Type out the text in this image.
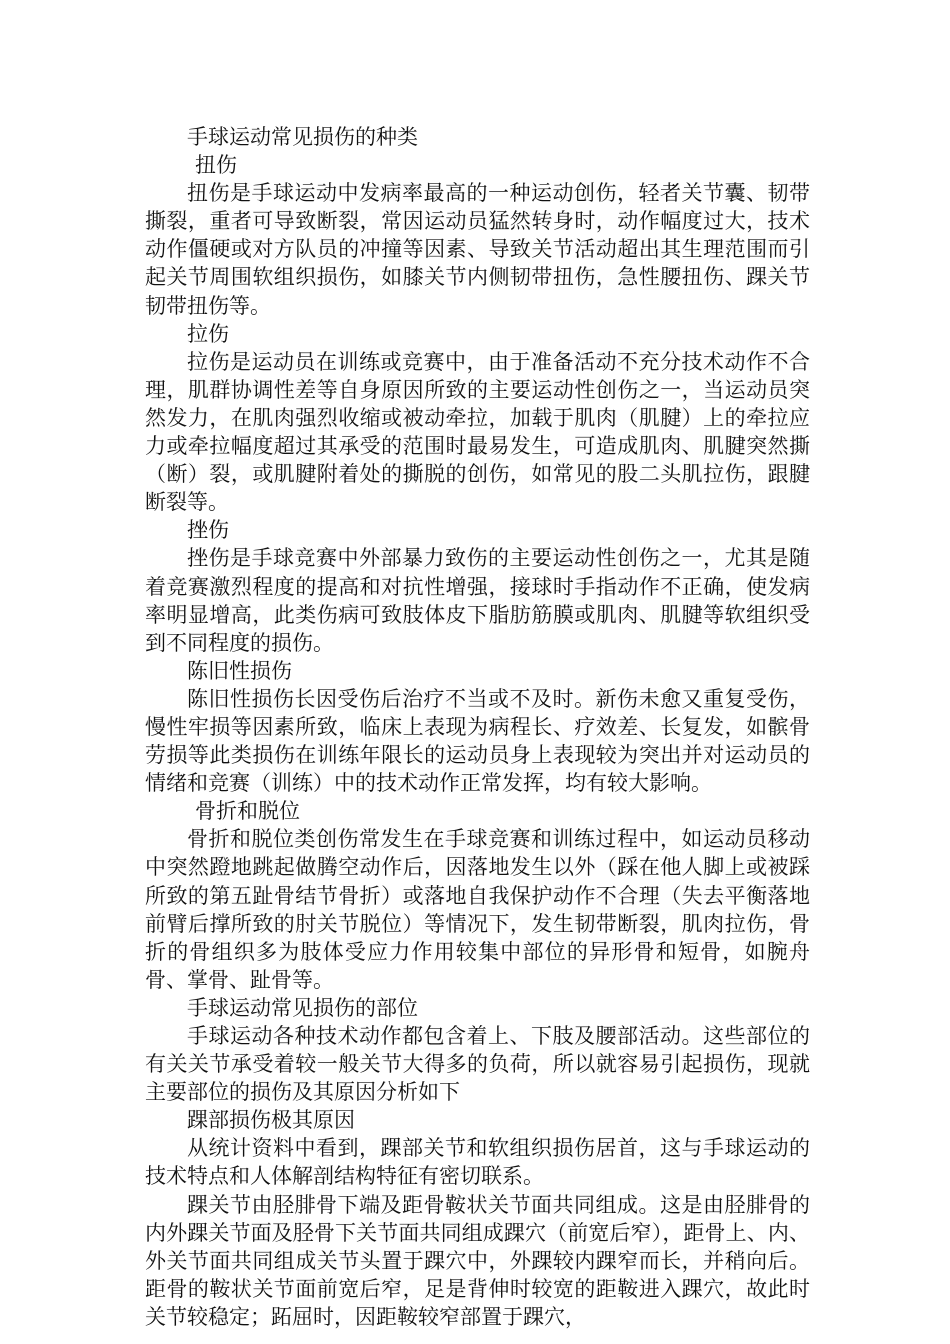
手球运动常见损伤的种类

扭伤

扭伤是手球运动中发病率最高的一种运动创伤，轻者关节囊、韧带撕裂，重者可导致断裂，常因运动员猛然转身时，动作幅度过大，技术动作僵硬或对方队员的冲撞等因素、导致关节活动超出其生理范围而引起关节周围软组织损伤，如膝关节内侧韧带扭伤，急性腰扭伤、踝关节韧带扭伤等。

拉伤

拉伤是运动员在训练或竞赛中，由于准备活动不充分技术动作不合理，肌群协调性差等自身原因所致的主要运动性创伤之一，当运动员突然发力，在肌肉强烈收缩或被动牵拉，加载于肌肉（肌腱）上的牵拉应力或牵拉幅度超过其承受的范围时最易发生，可造成肌肉、肌腱突然撕（断）裂，或肌腱附着处的撕脱的创伤，如常见的股二头肌拉伤，跟腱断裂等。

挫伤

挫伤是手球竞赛中外部暴力致伤的主要运动性创伤之一，尤其是随着竞赛激烈程度的提高和对抗性增强，接球时手指动作不正确，使发病率明显增高，此类伤病可致肢体皮下脂肪筋膜或肌肉、肌腱等软组织受到不同程度的损伤。

陈旧性损伤

陈旧性损伤长因受伤后治疗不当或不及时。新伤未愈又重复受伤，慢性牢损等因素所致，临床上表现为病程长、疗效差、长复发，如髌骨劳损等此类损伤在训练年限长的运动员身上表现较为突出并对运动员的情绪和竞赛（训练）中的技术动作正常发挥，均有较大影响。

骨折和脱位

骨折和脱位类创伤常发生在手球竞赛和训练过程中，如运动员移动中突然蹬地跳起做腾空动作后，因落地发生以外（踩在他人脚上或被踩所致的第五趾骨结节骨折）或落地自我保护动作不合理（失去平衡落地前臂后撑所致的肘关节脱位）等情况下，发生韧带断裂，肌肉拉伤，骨折的骨组织多为肢体受应力作用较集中部位的异形骨和短骨，如腕舟骨、掌骨、趾骨等。

手球运动常见损伤的部位

手球运动各种技术动作都包含着上、下肢及腰部活动。这些部位的有关关节承受着较一般关节大得多的负荷，所以就容易引起损伤，现就主要部位的损伤及其原因分析如下

踝部损伤极其原因

从统计资料中看到，踝部关节和软组织损伤居首，这与手球运动的技术特点和人体解剖结构特征有密切联系。

踝关节由胫腓骨下端及距骨鞍状关节面共同组成。这是由胫腓骨的内外踝关节面及胫骨下关节面共同组成踝穴（前宽后窄），距骨上、内、外关节面共同组成关节头置于踝穴中，外踝较内踝窄而长，并稍向后。距骨的鞍状关节面前宽后窄，足是背伸时较宽的距鞍进入踝穴，故此时关节较稳定；跖屈时，因距鞍较窄部置于踝穴，
